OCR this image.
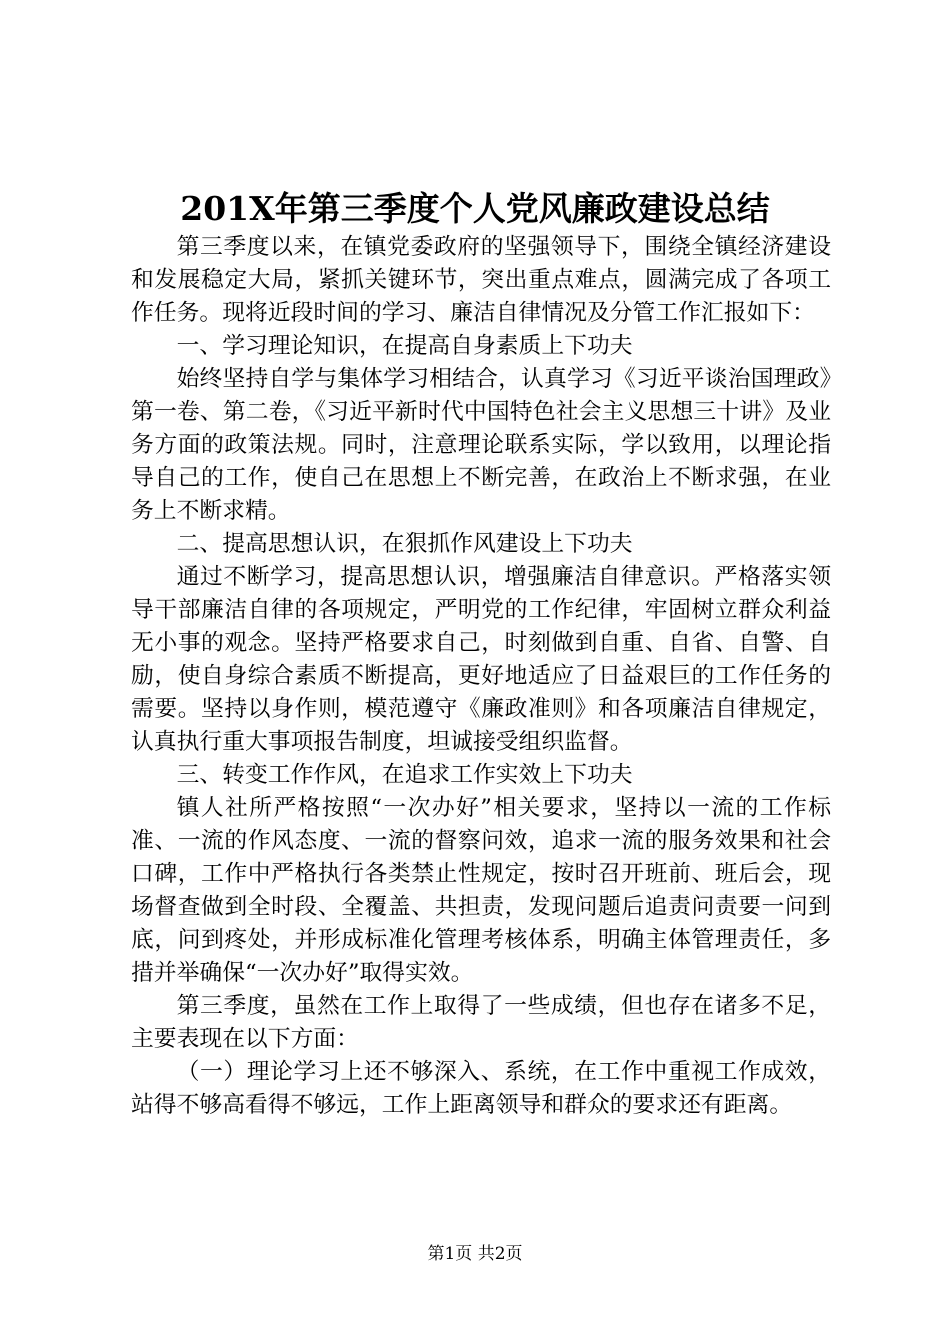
201X年第三季度个人党风廉政建设总结

第三季度以来，在镇党委政府的坚强领导下，围绕全镇经济建设和发展稳定大局，紧抓关键环节，突出重点难点，圆满完成了各项工作任务。现将近段时间的学习、廉洁自律情况及分管工作汇报如下：

一、学习理论知识，在提高自身素质上下功夫

始终坚持自学与集体学习相结合，认真学习《习近平谈治国理政》第一卷、第二卷，《习近平新时代中国特色社会主义思想三十讲》及业务方面的政策法规。同时，注意理论联系实际，学以致用，以理论指导自己的工作，使自己在思想上不断完善，在政治上不断求强，在业务上不断求精。

二、提高思想认识，在狠抓作风建设上下功夫

通过不断学习，提高思想认识，增强廉洁自律意识。严格落实领导干部廉洁自律的各项规定，严明党的工作纪律，牢固树立群众利益无小事的观念。坚持严格要求自己，时刻做到自重、自省、自警、自励，使自身综合素质不断提高，更好地适应了日益艰巨的工作任务的需要。坚持以身作则，模范遵守《廉政准则》和各项廉洁自律规定，认真执行重大事项报告制度，坦诚接受组织监督。

三、转变工作作风，在追求工作实效上下功夫

镇人社所严格按照“一次办好”相关要求，坚持以一流的工作标准、一流的作风态度、一流的督察问效，追求一流的服务效果和社会口碑，工作中严格执行各类禁止性规定，按时召开班前、班后会，现场督查做到全时段、全覆盖、共担责，发现问题后追责问责要一问到底，问到疼处，并形成标准化管理考核体系，明确主体管理责任，多措并举确保“一次办好”取得实效。

第三季度，虽然在工作上取得了一些成绩，但也存在诸多不足，主要表现在以下方面：

（一）理论学习上还不够深入、系统，在工作中重视工作成效，站得不够高看得不够远，工作上距离领导和群众的要求还有距离。

第1页 共2页
